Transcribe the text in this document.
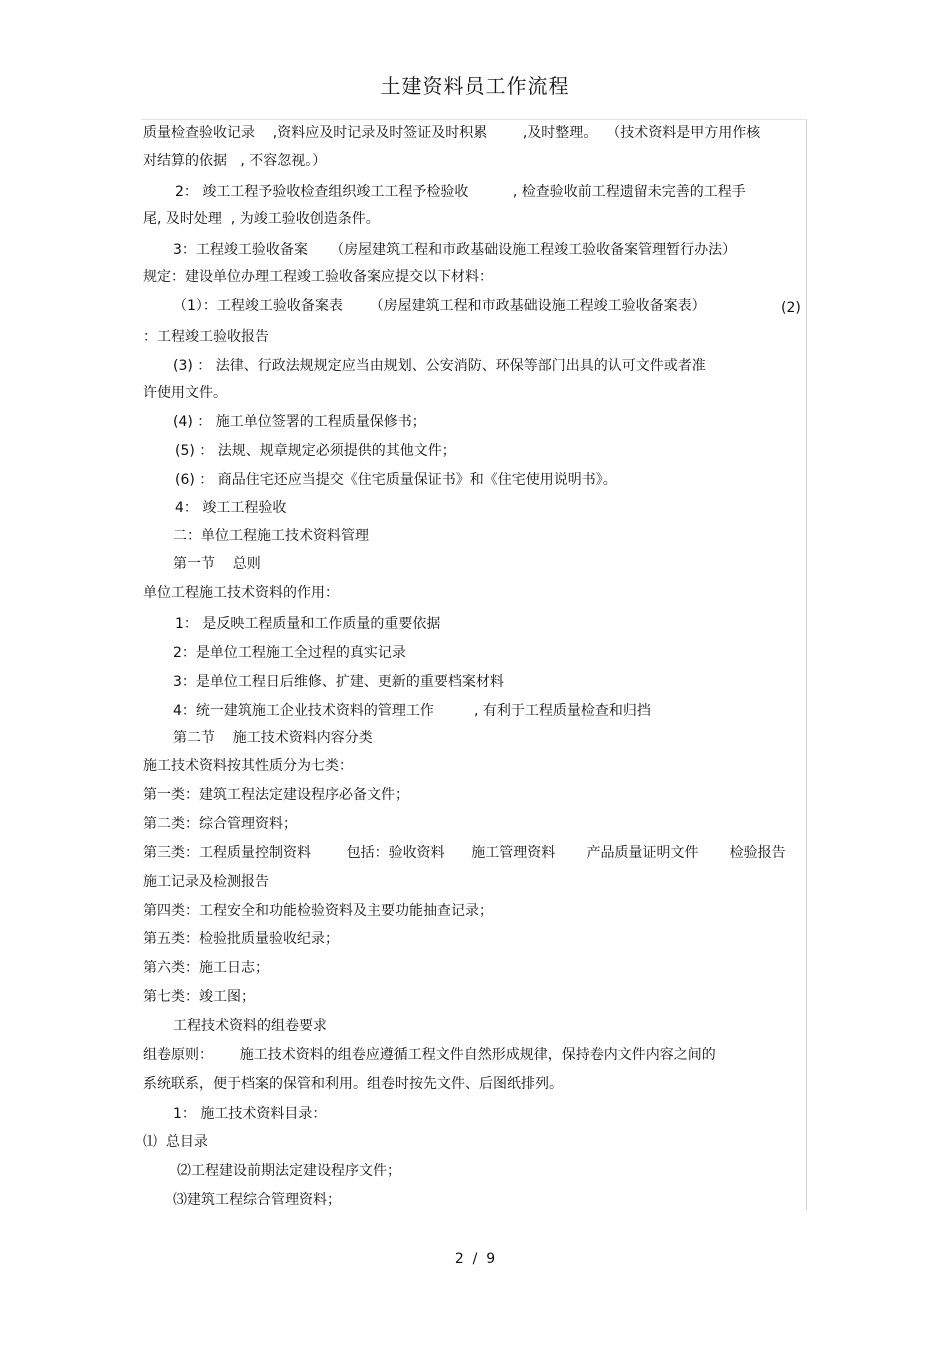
土建资料员工作流程
质量检查验收记录    ,资料应及时记录及时签证及时积累        ,及时整理。  （技术资料是甲方用作核
对结算的依据   , 不容忽视。）
2： 竣工工程予验收检查组织竣工工程予检验收          , 检查验收前工程遗留未完善的工程手
尾, 及时处理  , 为竣工验收创造条件。
3：工程竣工验收备案     （房屋建筑工程和市政基础设施工程竣工验收备案管理暂行办法）
规定：建设单位办理工程竣工验收备案应提交以下材料：
（1）：工程竣工验收备案表      （房屋建筑工程和市政基础设施工程竣工验收备案表）	(2)
：工程竣工验收报告
(3) ： 法律、行政法规规定应当由规划、公安消防、环保等部门出具的认可文件或者准
许使用文件。
(4) ： 施工单位签署的工程质量保修书；
(5) ： 法规、规章规定必须提供的其他文件；
(6) ： 商品住宅还应当提交《住宅质量保证书》和《住宅使用说明书》。
4： 竣工工程验收
二：单位工程施工技术资料管理
第一节    总则
单位工程施工技术资料的作用：
1： 是反映工程质量和工作质量的重要依据
2：是单位工程施工全过程的真实记录
3：是单位工程日后维修、扩建、更新的重要档案材料
4：统一建筑施工企业技术资料的管理工作         , 有利于工程质量检查和归挡
第二节    施工技术资料内容分类
施工技术资料按其性质分为七类：
第一类：建筑工程法定建设程序必备文件；
第二类：综合管理资料；
第三类：工程质量控制资料        包括：验收资料      施工管理资料       产品质量证明文件       检验报告
施工记录及检测报告
第四类：工程安全和功能检验资料及主要功能抽查记录；
第五类：检验批质量验收纪录；
第六类：施工日志；
第七类：竣工图；
工程技术资料的组卷要求
组卷原则：      施工技术资料的组卷应遵循工程文件自然形成规律，保持卷内文件内容之间的
系统联系，便于档案的保管和利用。组卷时按先文件、后图纸排列。
1： 施工技术资料目录：
⑴  总目录
⑵工程建设前期法定建设程序文件；
⑶建筑工程综合管理资料；
2  /  9
